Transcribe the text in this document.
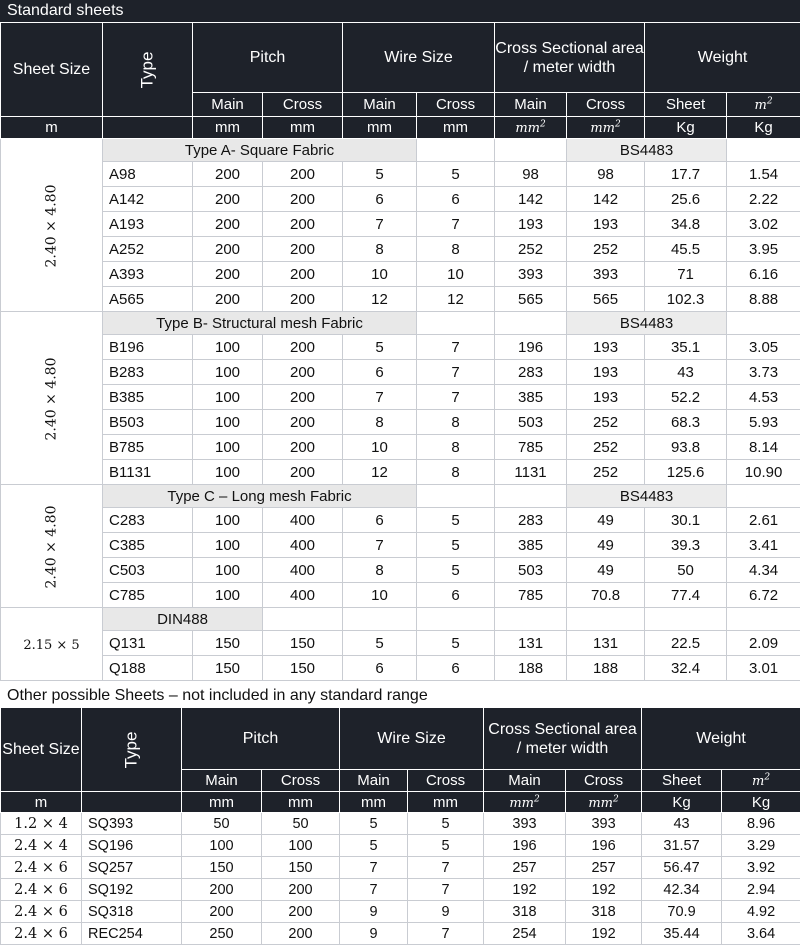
Standard sheets
Sheet Size	Type	Pitch		Wire Size		Cross Sectional area / meter width		Weight	
		Main	Cross	Main	Cross	Main	Cross	Sheet	$m^2$
m		mm	mm	mm	mm	$mm^2$	$mm^2$	Kg	Kg
2.40 × 4.80	Type A- Square Fabric						BS4483		
	A98	200	200	5	5	98	98	17.7	1.54
	A142	200	200	6	6	142	142	25.6	2.22
	A193	200	200	7	7	193	193	34.8	3.02
	A252	200	200	8	8	252	252	45.5	3.95
	A393	200	200	10	10	393	393	71	6.16
	A565	200	200	12	12	565	565	102.3	8.88
2.40 × 4.80	Type B- Structural mesh Fabric						BS4483		
	B196	100	200	5	7	196	193	35.1	3.05
	B283	100	200	6	7	283	193	43	3.73
	B385	100	200	7	7	385	193	52.2	4.53
	B503	100	200	8	8	503	252	68.3	5.93
	B785	100	200	10	8	785	252	93.8	8.14
	B1131	100	200	12	8	1131	252	125.6	10.90
2.40 × 4.80	Type C – Long mesh Fabric						BS4483		
	C283	100	400	6	5	283	49	30.1	2.61
	C385	100	400	7	5	385	49	39.3	3.41
	C503	100	400	8	5	503	49	50	4.34
	C785	100	400	10	6	785	70.8	77.4	6.72
2.15 × 5	DIN488								
	Q131	150	150	5	5	131	131	22.5	2.09
	Q188	150	150	6	6	188	188	32.4	3.01
Other possible Sheets – not included in any standard range
Sheet Size	Type	Pitch		Wire Size		Cross Sectional area / meter width		Weight	
		Main	Cross	Main	Cross	Main	Cross	Sheet	$m^2$
m		mm	mm	mm	mm	$mm^2$	$mm^2$	Kg	Kg
1.2 × 4	SQ393	50	50	5	5	393	393	43	8.96
2.4 × 4	SQ196	100	100	5	5	196	196	31.57	3.29
2.4 × 6	SQ257	150	150	7	7	257	257	56.47	3.92
2.4 × 6	SQ192	200	200	7	7	192	192	42.34	2.94
2.4 × 6	SQ318	200	200	9	9	318	318	70.9	4.92
2.4 × 6	REC254	250	200	9	7	254	192	35.44	3.64
